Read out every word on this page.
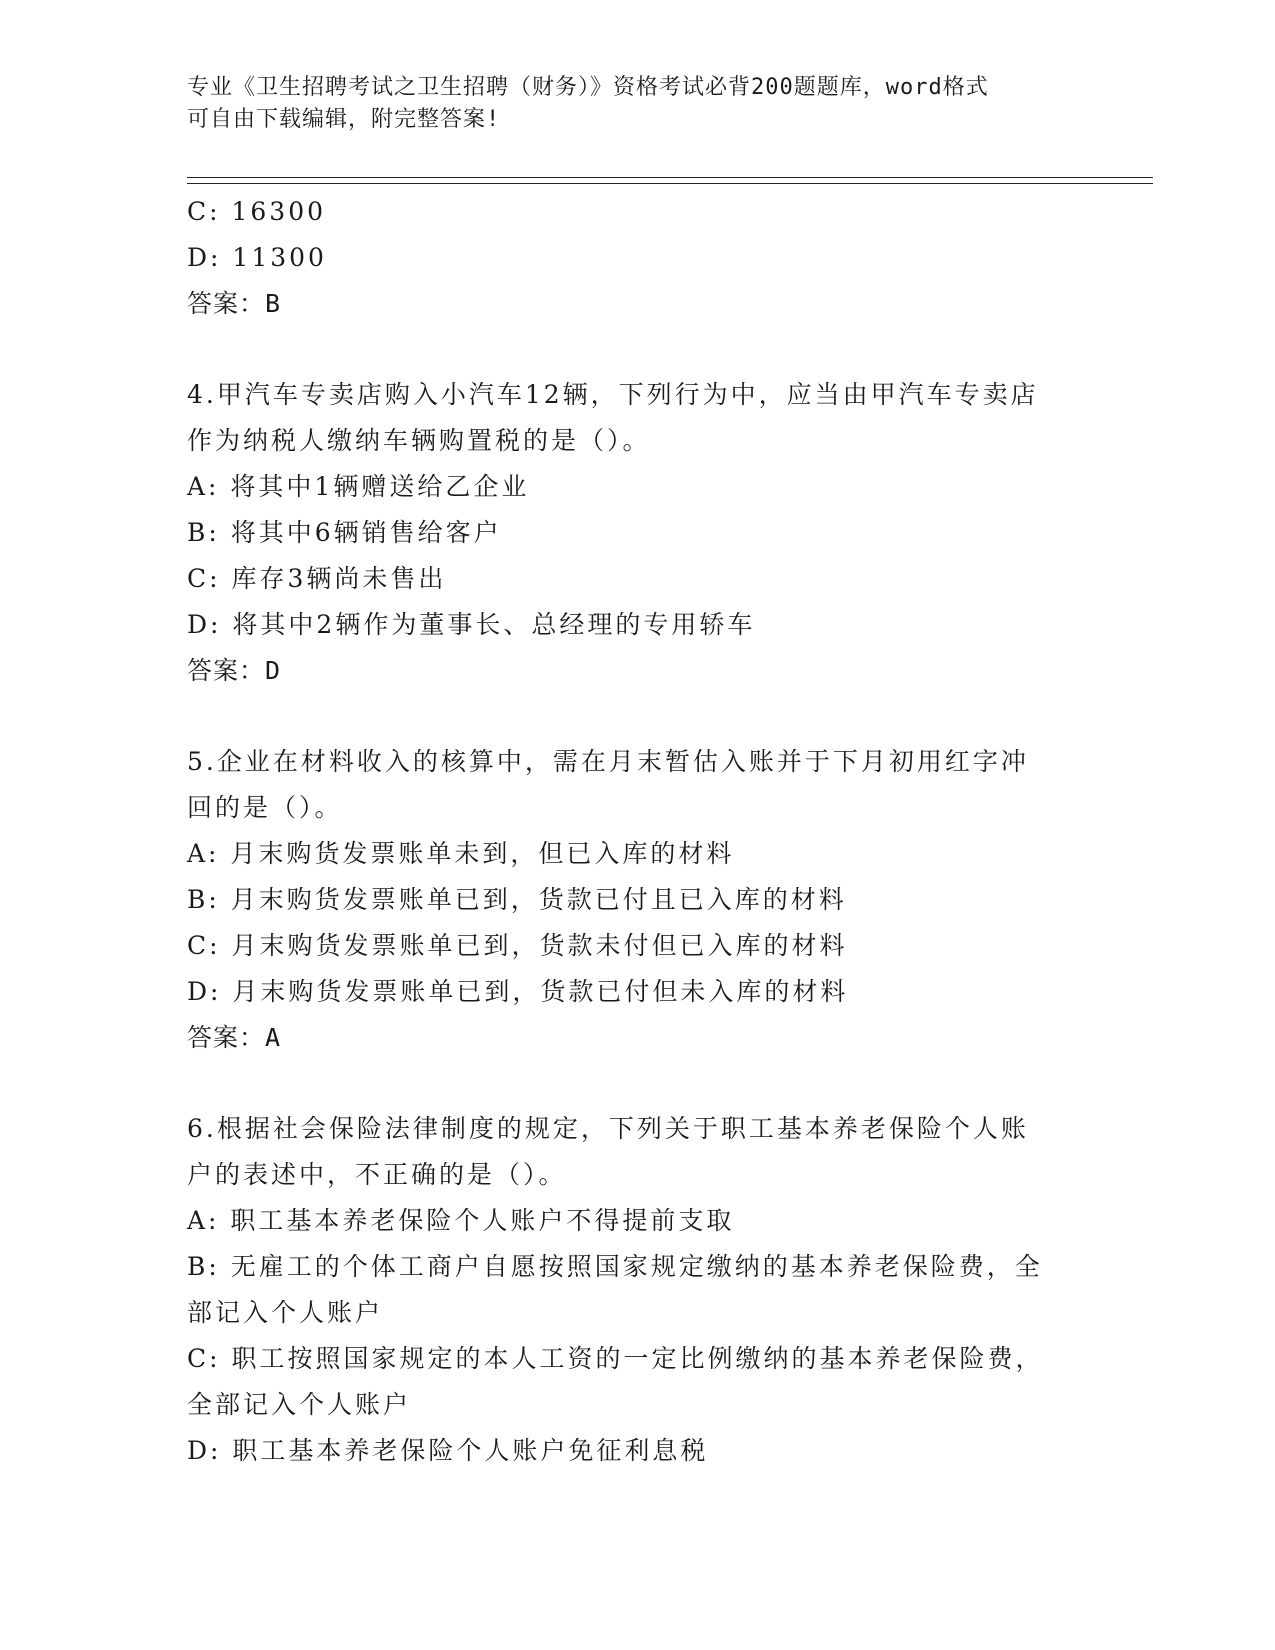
专业《卫生招聘考试之卫生招聘（财务）》资格考试必背200题题库，word格式
可自由下载编辑，附完整答案!
C: 16300
D: 11300
答案：B
4.甲汽车专卖店购入小汽车12辆，下列行为中，应当由甲汽车专卖店
作为纳税人缴纳车辆购置税的是（）。
A: 将其中1辆赠送给乙企业
B: 将其中6辆销售给客户
C: 库存3辆尚未售出
D: 将其中2辆作为董事长、总经理的专用轿车
答案：D
5.企业在材料收入的核算中，需在月末暂估入账并于下月初用红字冲
回的是（）。
A: 月末购货发票账单未到，但已入库的材料
B: 月末购货发票账单已到，货款已付且已入库的材料
C: 月末购货发票账单已到，货款未付但已入库的材料
D: 月末购货发票账单已到，货款已付但未入库的材料
答案：A
6.根据社会保险法律制度的规定，下列关于职工基本养老保险个人账
户的表述中，不正确的是（）。
A: 职工基本养老保险个人账户不得提前支取
B: 无雇工的个体工商户自愿按照国家规定缴纳的基本养老保险费，全
部记入个人账户
C: 职工按照国家规定的本人工资的一定比例缴纳的基本养老保险费，
全部记入个人账户
D: 职工基本养老保险个人账户免征利息税
